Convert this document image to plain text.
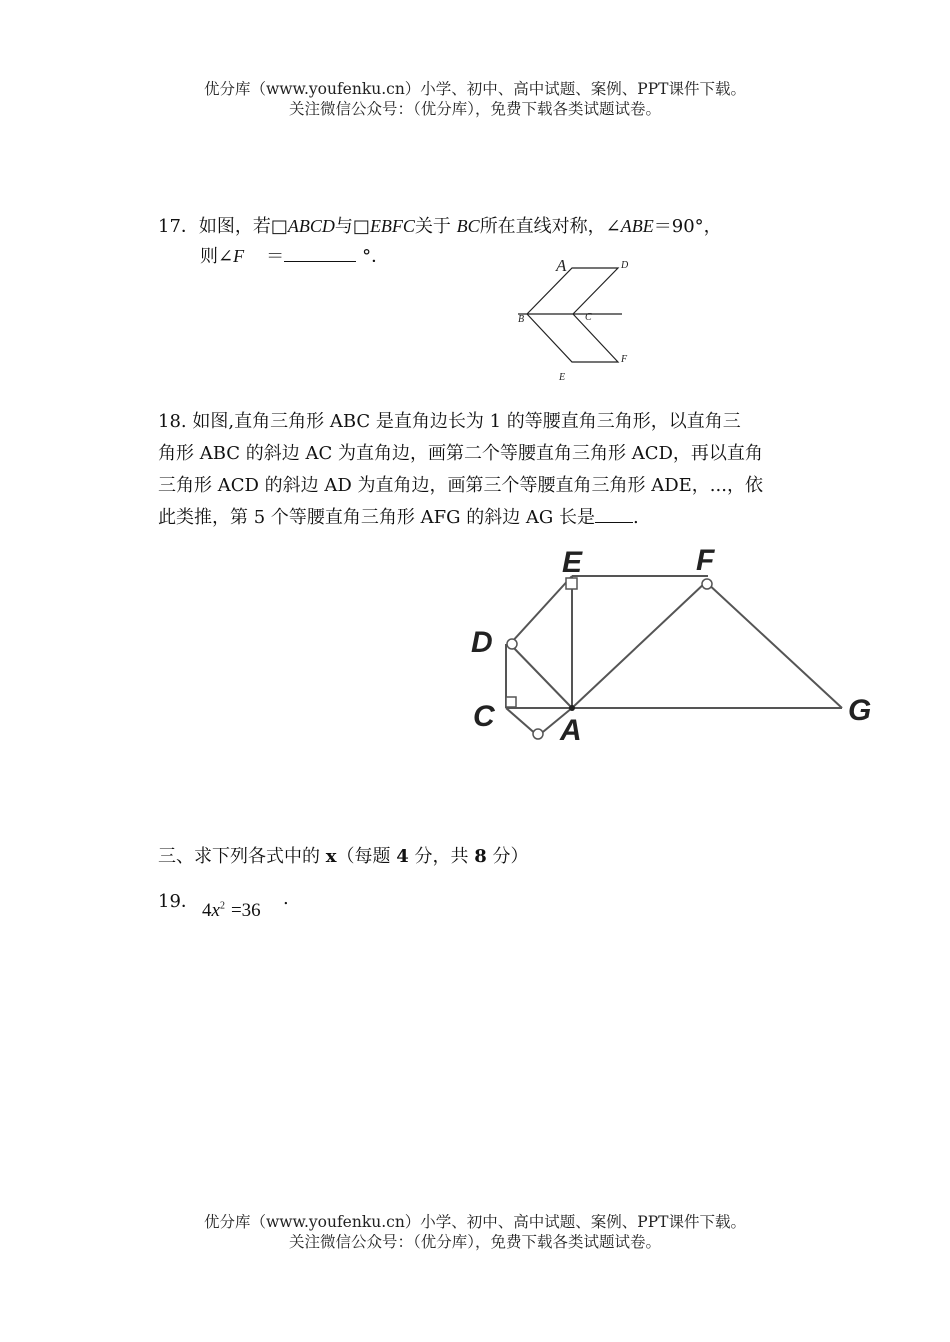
优分库（www.youfenku.cn）小学、初中、高中试题、案例、PPT课件下载。
关注微信公众号：（优分库），免费下载各类试题试卷。
17．如图，若□ABCD与□EBFC关于 BC所在直线对称，∠ABE＝90°，
则∠F ＝	°．	A	D
B	C
F
E
18. 如图,直角三角形 ABC 是直角边长为 1 的等腰直角三角形，以直角三
角形 ABC 的斜边 AC 为直角边，画第二个等腰直角三角形 ACD，再以直角
三角形 ACD 的斜边 AD 为直角边，画第三个等腰直角三角形 ADE，...，依
此类推，第 5 个等腰直角三角形 AFG 的斜边 AG 长是 .
E	F
D
C A
G
三、求下列各式中的 x（每题 4 分，共 8 分）
19． $4x^2 =36$
.
优分库（www.youfenku.cn）小学、初中、高中试题、案例、PPT课件下载。
关注微信公众号：（优分库），免费下载各类试题试卷。
